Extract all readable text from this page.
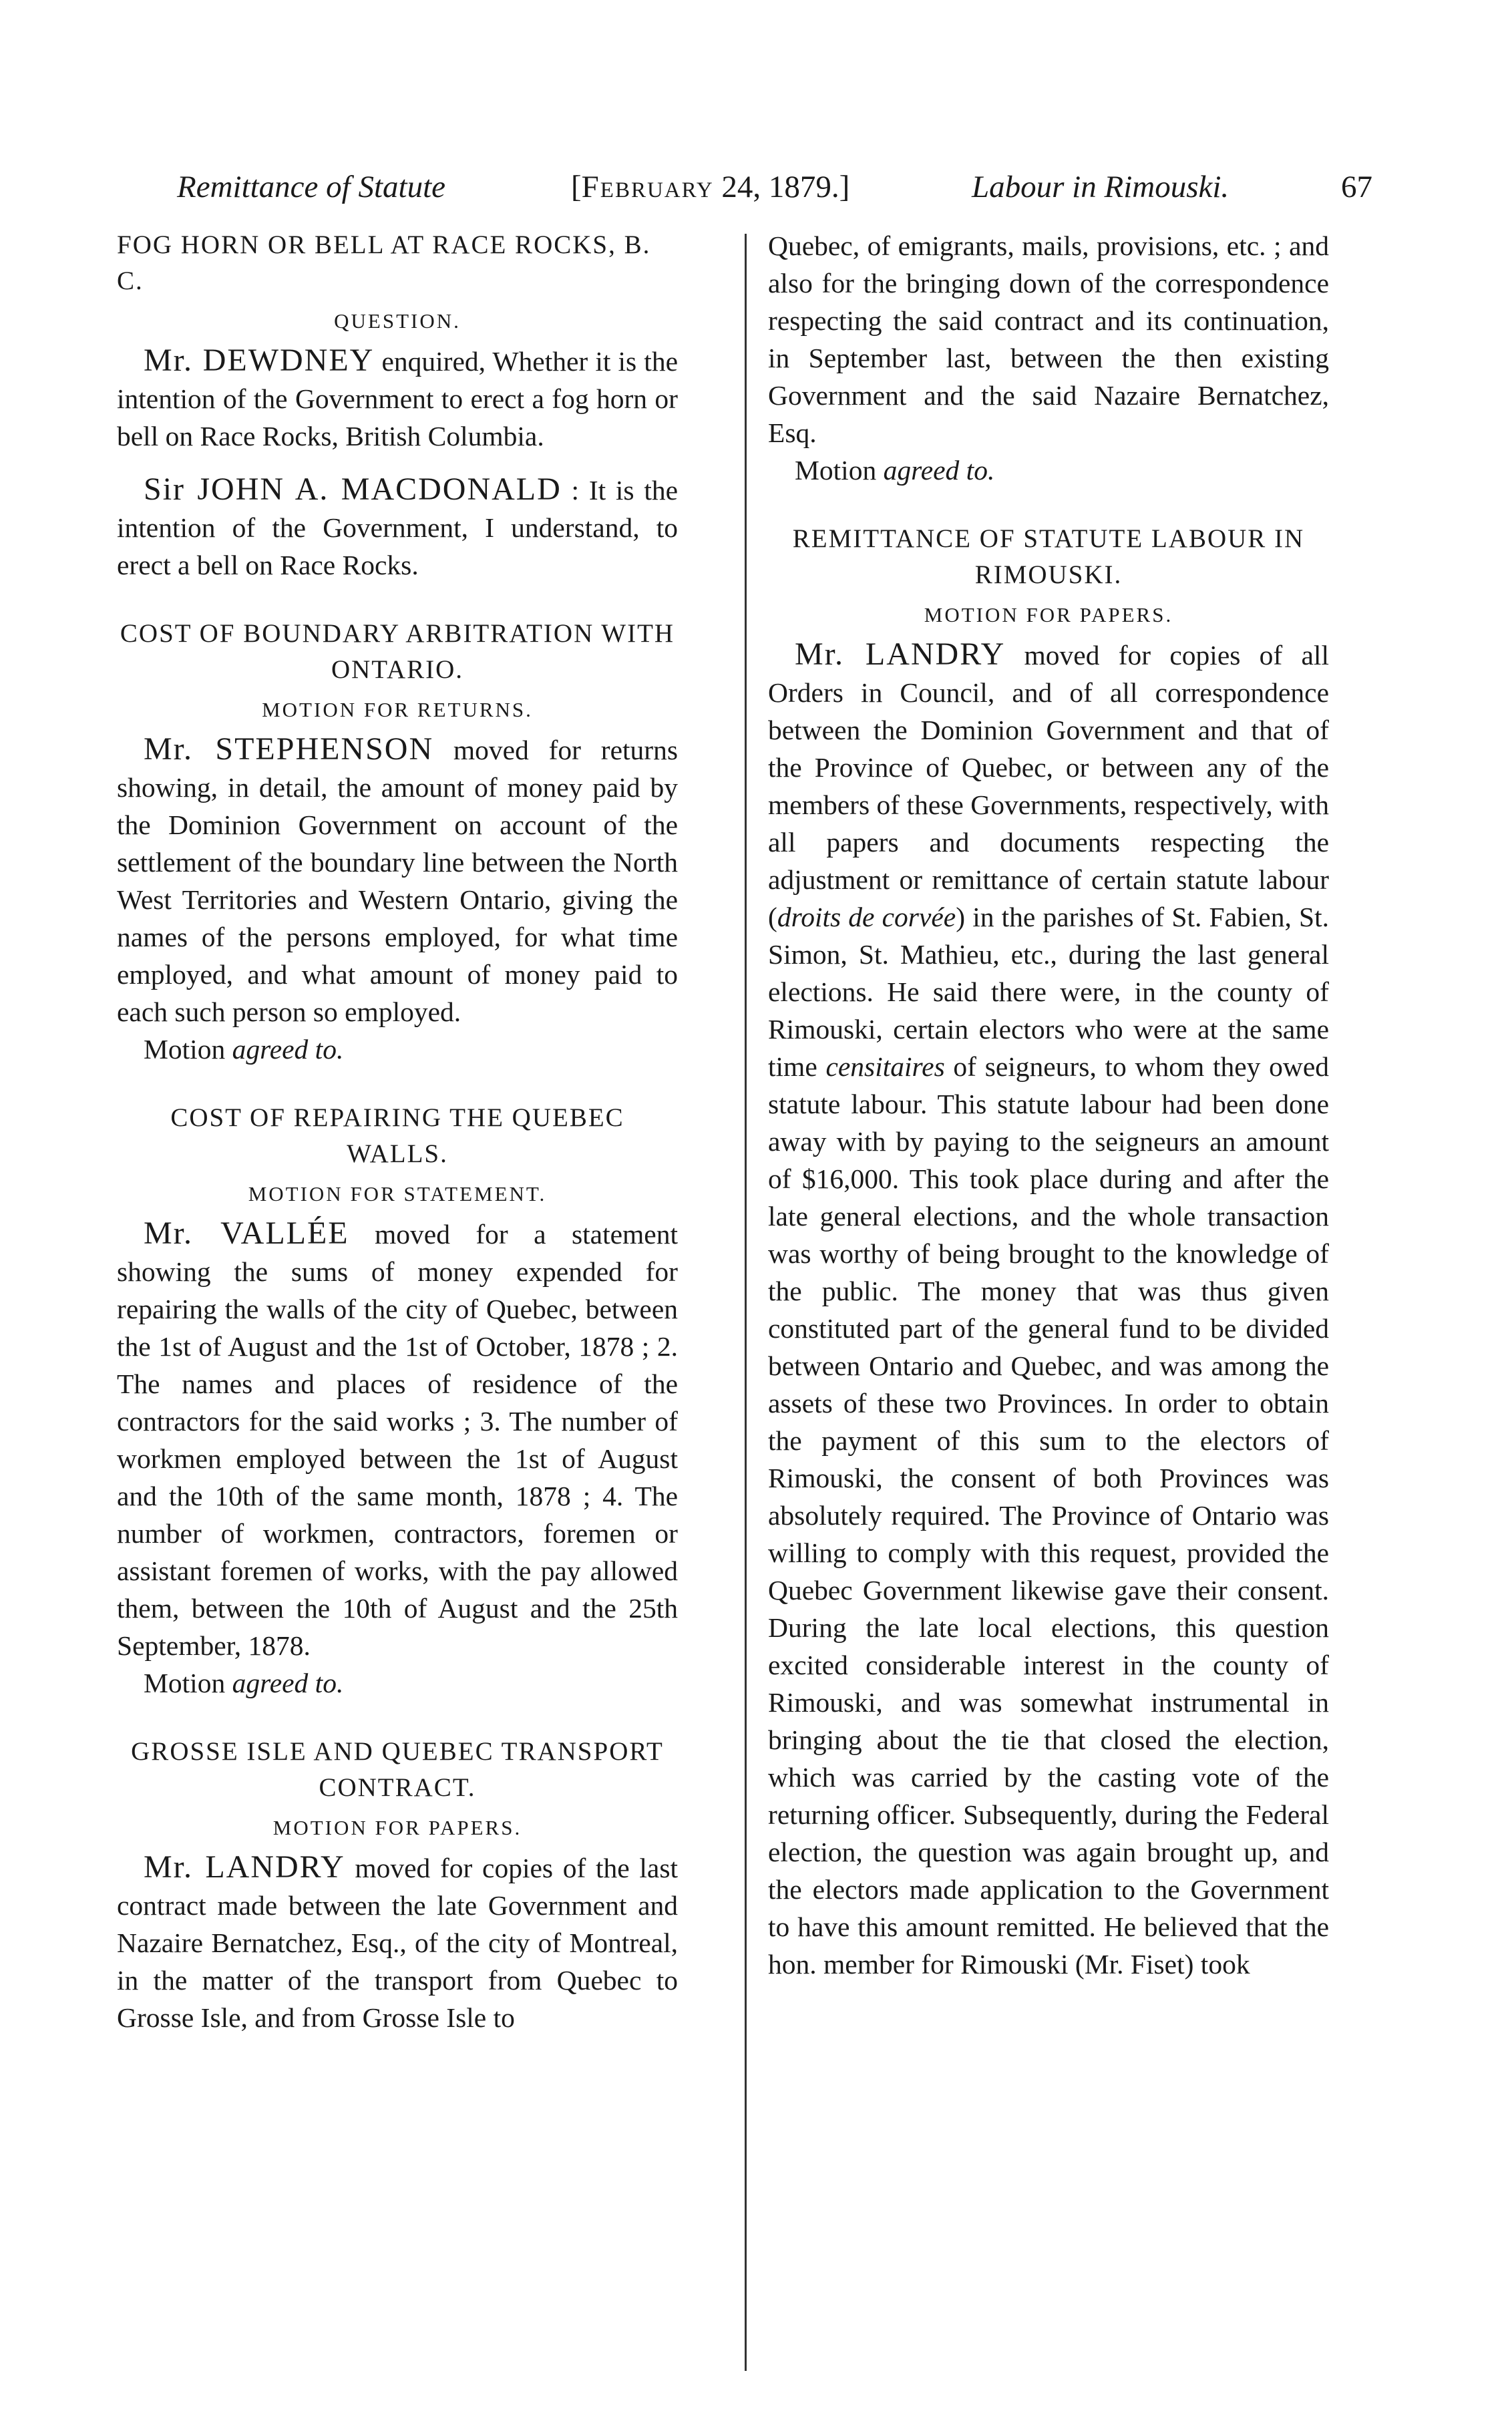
Remittance of Statute	[February 24, 1879.]	Labour in Rimouski.	67

FOG HORN OR BELL AT RACE ROCKS, B. C.

QUESTION.

Mr. DEWDNEY enquired, Whether it is the intention of the Government to erect a fog horn or bell on Race Rocks, British Columbia.

Sir JOHN A. MACDONALD : It is the intention of the Government, I understand, to erect a bell on Race Rocks.

COST OF BOUNDARY ARBITRATION WITH ONTARIO.

MOTION FOR RETURNS.

Mr. STEPHENSON moved for returns showing, in detail, the amount of money paid by the Dominion Government on account of the settlement of the boundary line between the North West Territories and Western Ontario, giving the names of the persons employed, for what time employed, and what amount of money paid to each such person so employed.

Motion agreed to.

COST OF REPAIRING THE QUEBEC WALLS.

MOTION FOR STATEMENT.

Mr. VALLÉE moved for a statement showing the sums of money expended for repairing the walls of the city of Quebec, between the 1st of August and the 1st of October, 1878 ; 2. The names and places of residence of the contractors for the said works ; 3. The number of workmen employed between the 1st of August and the 10th of the same month, 1878 ; 4. The number of workmen, contractors, foremen or assistant foremen of works, with the pay allowed them, between the 10th of August and the 25th September, 1878.

Motion agreed to.

GROSSE ISLE AND QUEBEC TRANSPORT CONTRACT.

MOTION FOR PAPERS.

Mr. LANDRY moved for copies of the last contract made between the late Government and Nazaire Bernatchez, Esq., of the city of Montreal, in the matter of the transport from Quebec to Grosse Isle, and from Grosse Isle to

Quebec, of emigrants, mails, provisions, etc. ; and also for the bringing down of the correspondence respecting the said contract and its continuation, in September last, between the then existing Government and the said Nazaire Bernatchez, Esq.

Motion agreed to.

REMITTANCE OF STATUTE LABOUR IN RIMOUSKI.

MOTION FOR PAPERS.

Mr. LANDRY moved for copies of all Orders in Council, and of all correspondence between the Dominion Government and that of the Province of Quebec, or between any of the members of these Governments, respectively, with all papers and documents respecting the adjustment or remittance of certain statute labour (droits de corvée) in the parishes of St. Fabien, St. Simon, St. Mathieu, etc., during the last general elections. He said there were, in the county of Rimouski, certain electors who were at the same time censitaires of seigneurs, to whom they owed statute labour. This statute labour had been done away with by paying to the seigneurs an amount of $16,000. This took place during and after the late general elections, and the whole transaction was worthy of being brought to the knowledge of the public. The money that was thus given constituted part of the general fund to be divided between Ontario and Quebec, and was among the assets of these two Provinces. In order to obtain the payment of this sum to the electors of Rimouski, the consent of both Provinces was absolutely required. The Province of Ontario was willing to comply with this request, provided the Quebec Government likewise gave their consent. During the late local elections, this question excited considerable interest in the county of Rimouski, and was somewhat instrumental in bringing about the tie that closed the election, which was carried by the casting vote of the returning officer. Subsequently, during the Federal election, the question was again brought up, and the electors made application to the Government to have this amount remitted. He believed that the hon. member for Rimouski (Mr. Fiset) took
